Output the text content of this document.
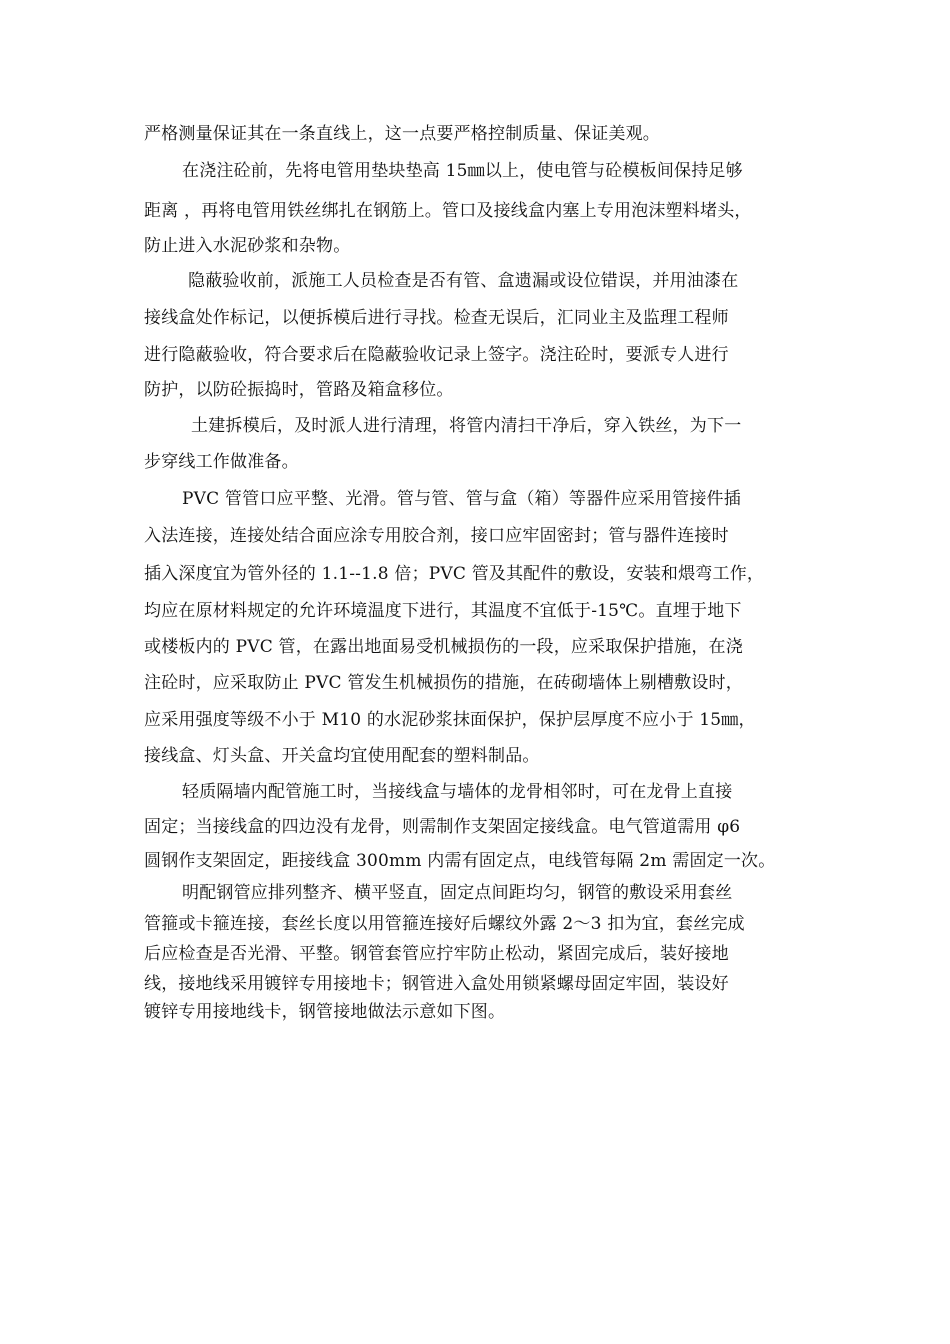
严格测量保证其在一条直线上，这一点要严格控制质量、保证美观。
在浇注砼前，先将电管用垫块垫高 15㎜以上，使电管与砼模板间保持足够
距离 ，再将电管用铁丝绑扎在钢筋上。管口及接线盒内塞上专用泡沫塑料堵头，
防止进入水泥砂浆和杂物。
隐蔽验收前，派施工人员检查是否有管、盒遗漏或设位错误，并用油漆在
接线盒处作标记，以便拆模后进行寻找。检查无误后，汇同业主及监理工程师
进行隐蔽验收，符合要求后在隐蔽验收记录上签字。浇注砼时，要派专人进行
防护，以防砼振捣时，管路及箱盒移位。
土建拆模后，及时派人进行清理，将管内清扫干净后，穿入铁丝，为下一
步穿线工作做准备。
PVC 管管口应平整、光滑。管与管、管与盒（箱）等器件应采用管接件插
入法连接，连接处结合面应涂专用胶合剂，接口应牢固密封；管与器件连接时
插入深度宜为管外径的 1.1--1.8 倍；PVC 管及其配件的敷设，安装和煨弯工作，
均应在原材料规定的允许环境温度下进行，其温度不宜低于-15℃。直埋于地下
或楼板内的 PVC 管，在露出地面易受机械损伤的一段，应采取保护措施，在浇
注砼时，应采取防止 PVC 管发生机械损伤的措施，在砖砌墙体上剔槽敷设时，
应采用强度等级不小于 M10 的水泥砂浆抹面保护，保护层厚度不应小于 15㎜，
接线盒、灯头盒、开关盒均宜使用配套的塑料制品。
轻质隔墙内配管施工时，当接线盒与墙体的龙骨相邻时，可在龙骨上直接
固定；当接线盒的四边没有龙骨，则需制作支架固定接线盒。电气管道需用 φ6
圆钢作支架固定，距接线盒 300mm 内需有固定点，电线管每隔 2m 需固定一次。
明配钢管应排列整齐、横平竖直，固定点间距均匀，钢管的敷设采用套丝
管箍或卡箍连接，套丝长度以用管箍连接好后螺纹外露 2～3 扣为宜，套丝完成
后应检查是否光滑、平整。钢管套管应拧牢防止松动，紧固完成后，装好接地
线，接地线采用镀锌专用接地卡；钢管进入盒处用锁紧螺母固定牢固，装设好
镀锌专用接地线卡，钢管接地做法示意如下图。
